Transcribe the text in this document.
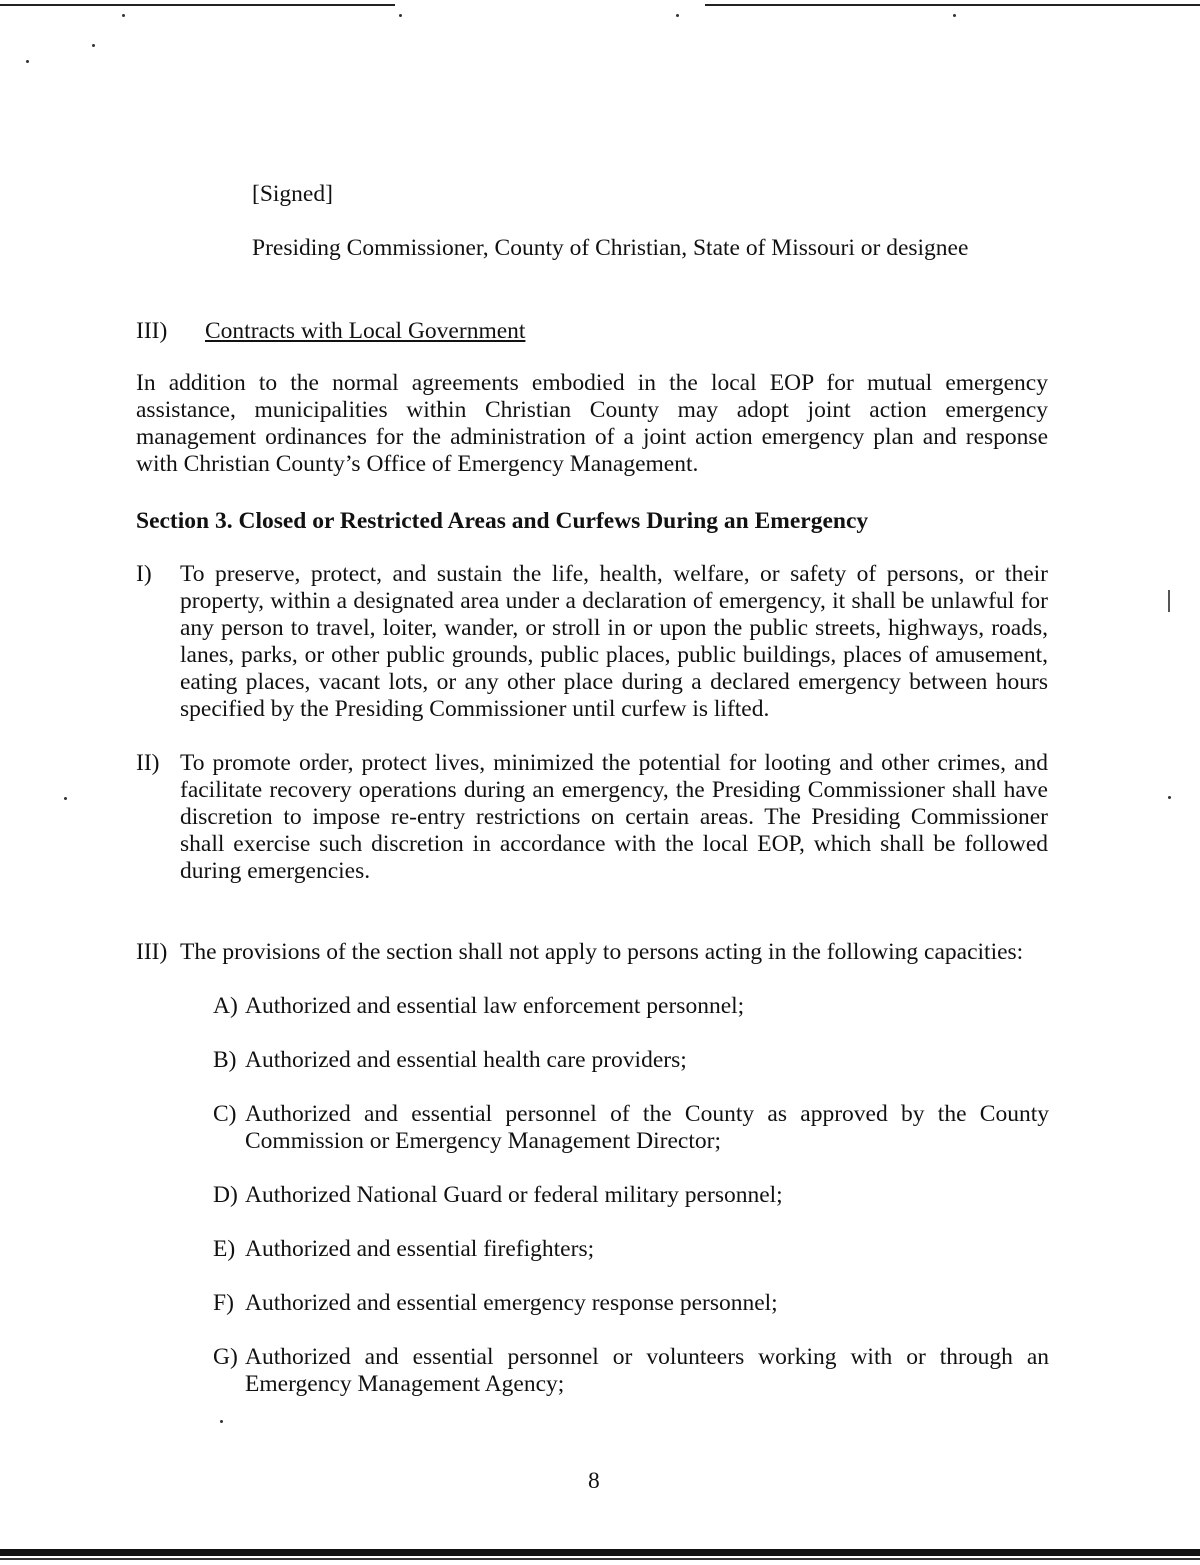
[Signed]
Presiding Commissioner, County of Christian, State of Missouri or designee
III) Contracts with Local Government
In addition to the normal agreements embodied in the local EOP for mutual emergency assistance, municipalities within Christian County may adopt joint action emergency management ordinances for the administration of a joint action emergency plan and response with Christian County’s Office of Emergency Management.
Section 3. Closed or Restricted Areas and Curfews During an Emergency
I) To preserve, protect, and sustain the life, health, welfare, or safety of persons, or their property, within a designated area under a declaration of emergency, it shall be unlawful for any person to travel, loiter, wander, or stroll in or upon the public streets, highways, roads, lanes, parks, or other public grounds, public places, public buildings, places of amusement, eating places, vacant lots, or any other place during a declared emergency between hours specified by the Presiding Commissioner until curfew is lifted.
II) To promote order, protect lives, minimized the potential for looting and other crimes, and facilitate recovery operations during an emergency, the Presiding Commissioner shall have discretion to impose re-entry restrictions on certain areas. The Presiding Commissioner shall exercise such discretion in accordance with the local EOP, which shall be followed during emergencies.
III) The provisions of the section shall not apply to persons acting in the following capacities:
A) Authorized and essential law enforcement personnel;
B) Authorized and essential health care providers;
C) Authorized and essential personnel of the County as approved by the County Commission or Emergency Management Director;
D) Authorized National Guard or federal military personnel;
E) Authorized and essential firefighters;
F) Authorized and essential emergency response personnel;
G) Authorized and essential personnel or volunteers working with or through an Emergency Management Agency;
8
